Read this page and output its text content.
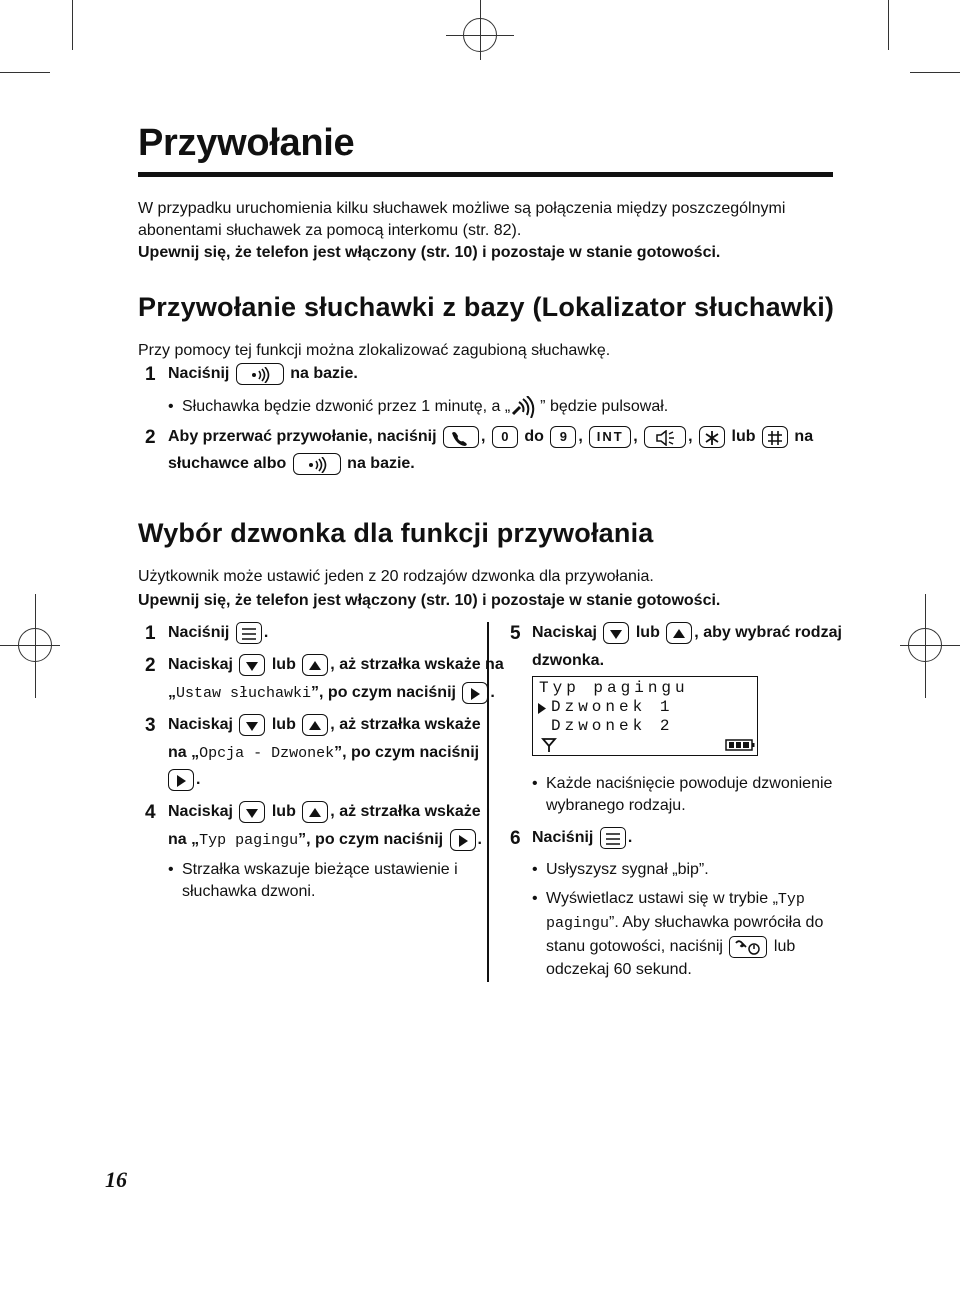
Przywołanie
W przypadku uruchomienia kilku słuchawek możliwe są połączenia między poszczególnymi abonentami słuchawek za pomocą interkomu (str. 82).
Upewnij się, że telefon jest włączony (str. 10) i pozostaje w stanie gotowości.
Przywołanie słuchawki z bazy (Lokalizator słuchawki)
Przy pomocy tej funkcji można zlokalizować zagubioną słuchawkę.
1 Naciśnij	na bazie.
• Słuchawka będzie dzwonić przez 1 minutę, a „ ” będzie pulsował.
2 Aby przerwać przywołanie, naciśnij	, 0 do 9 , INT ,	, lub na
słuchawce albo	na bazie.
Wybór dzwonka dla funkcji przywołania
Użytkownik może ustawić jeden z 20 rodzajów dzwonka dla przywołania.
Upewnij się, że telefon jest włączony (str. 10) i pozostaje w stanie gotowości.
1 Naciśnij .
2 Naciskaj lub , aż strzałka wskaże na
„Ustaw słuchawki”, po czym naciśnij .
3 Naciskaj lub , aż strzałka wskaże
na „Opcja - Dzwonek”, po czym naciśnij
.
4 Naciskaj lub , aż strzałka wskaże
na „Typ pagingu”, po czym naciśnij .
• Strzałka wskazuje bieżące ustawienie i
słuchawka dzwoni.
5 Naciskaj lub , aby wybrać rodzaj
dzwonka.
Typ pagingu
Dzwonek 1
Dzwonek 2
• Każde naciśnięcie powoduje dzwonienie
wybranego rodzaju.
6 Naciśnij .
• Usłyszysz sygnał „bip”.
• Wyświetlacz ustawi się w trybie „Typ
pagingu”. Aby słuchawka powróciła do
stanu gotowości, naciśnij	lub
odczekaj 60 sekund.
16
